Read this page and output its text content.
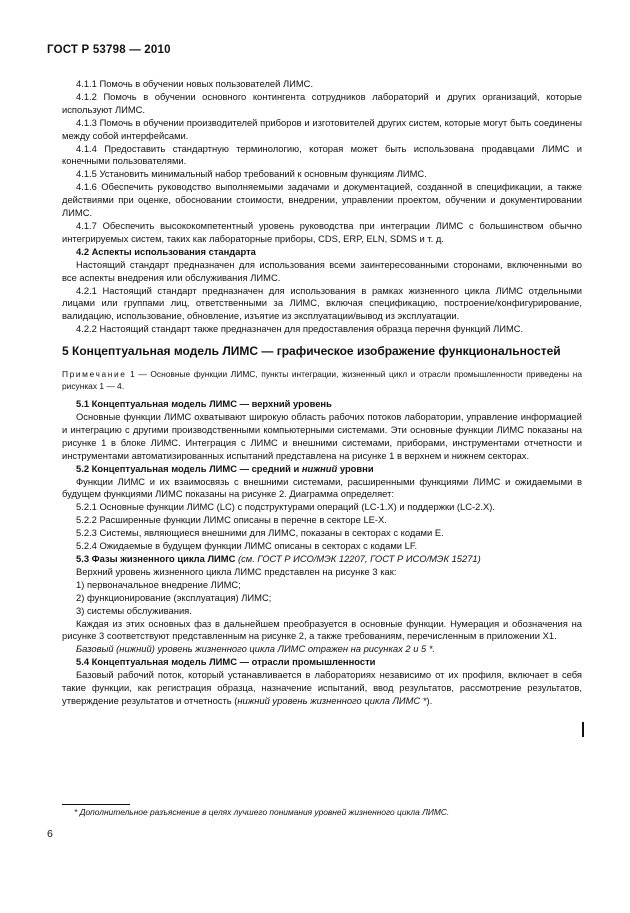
ГОСТ Р 53798 — 2010

4.1.1 Помочь в обучении новых пользователей ЛИМС.

4.1.2 Помочь в обучении основного контингента сотрудников лабораторий и других организаций, которые используют ЛИМС.

4.1.3 Помочь в обучении производителей приборов и изготовителей других систем, которые могут быть соединены между собой интерфейсами.

4.1.4 Предоставить стандартную терминологию, которая может быть использована продавцами ЛИМС и конечными пользователями.

4.1.5 Установить минимальный набор требований к основным функциям ЛИМС.

4.1.6 Обеспечить руководство выполняемыми задачами и документацией, созданной в спецификации, а также действиями при оценке, обосновании стоимости, внедрении, управлении проектом, обучении и документировании ЛИМС.

4.1.7 Обеспечить высококомпетентный уровень руководства при интеграции ЛИМС с большинством обычно интегрируемых систем, таких как лабораторные приборы, CDS, ERP, ELN, SDMS и т. д.

4.2 Аспекты использования стандарта

Настоящий стандарт предназначен для использования всеми заинтересованными сторонами, включенными во все аспекты внедрения или обслуживания ЛИМС.

4.2.1 Настоящий стандарт предназначен для использования в рамках жизненного цикла ЛИМС отдельными лицами или группами лиц, ответственными за ЛИМС, включая спецификацию, построение/конфигурирование, валидацию, использование, обновление, изъятие из эксплуатации/вывод из эксплуатации.

4.2.2 Настоящий стандарт также предназначен для предоставления образца перечня функций ЛИМС.

5 Концептуальная модель ЛИМС — графическое изображение функциональностей

Примечание 1 — Основные функции ЛИМС, пункты интеграции, жизненный цикл и отрасли промышленности приведены на рисунках 1 — 4.

5.1 Концептуальная модель ЛИМС — верхний уровень

Основные функции ЛИМС охватывают широкую область рабочих потоков лаборатории, управление информацией и интеграцию с другими производственными компьютерными системами. Эти основные функции ЛИМС показаны на рисунке 1 в блоке ЛИМС. Интеграция с ЛИМС и внешними системами, приборами, инструментами отчетности и инструментами автоматизированных испытаний представлена на рисунке 1 в верхнем и нижнем секторах.

5.2 Концептуальная модель ЛИМС — средний и нижний уровни

Функции ЛИМС и их взаимосвязь с внешними системами, расширенными функциями ЛИМС и ожидаемыми в будущем функциями ЛИМС показаны на рисунке 2. Диаграмма определяет:

5.2.1 Основные функции ЛИМС (LC) с подструктурами операций (LC-1.X) и поддержки (LC-2.X).

5.2.2 Расширенные функции ЛИМС описаны в перечне в секторе LE-X.

5.2.3 Системы, являющиеся внешними для ЛИМС, показаны в секторах с кодами E.

5.2.4 Ожидаемые в будущем функции ЛИМС описаны в секторах с кодами LF.

5.3 Фазы жизненного цикла ЛИМС (см. ГОСТ Р ИСО/МЭК 12207, ГОСТ Р ИСО/МЭК 15271)

Верхний уровень жизненного цикла ЛИМС представлен на рисунке 3 как:

1) первоначальное внедрение ЛИМС;

2) функционирование (эксплуатация) ЛИМС;

3) системы обслуживания.

Каждая из этих основных фаз в дальнейшем преобразуется в основные функции. Нумерация и обозначения на рисунке 3 соответствуют представленным на рисунке 2, а также требованиям, перечисленным в приложении X1.

Базовый (нижний) уровень жизненного цикла ЛИМС отражен на рисунках 2 и 5 *.

5.4 Концептуальная модель ЛИМС — отрасли промышленности

Базовый рабочий поток, который устанавливается в лабораториях независимо от их профиля, включает в себя такие функции, как регистрация образца, назначение испытаний, ввод результатов, рассмотрение результатов, утверждение результатов и отчетность (нижний уровень жизненного цикла ЛИМС *).

* Дополнительное разъяснение в целях лучшего понимания уровней жизненного цикла ЛИМС.
6
